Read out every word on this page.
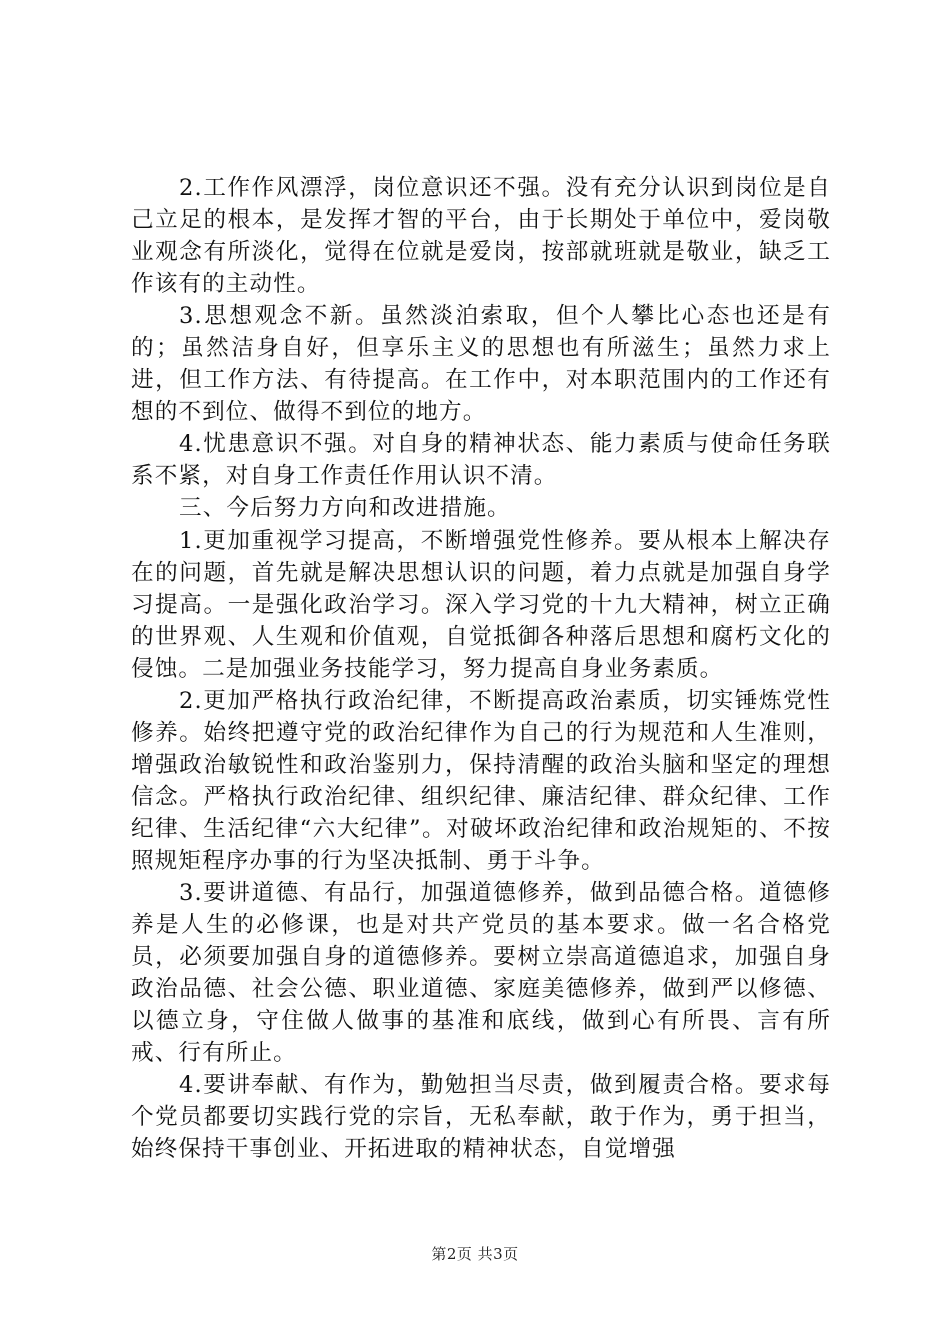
2.工作作风漂浮，岗位意识还不强。没有充分认识到岗位是自己立足的根本，是发挥才智的平台，由于长期处于单位中，爱岗敬业观念有所淡化，觉得在位就是爱岗，按部就班就是敬业，缺乏工作该有的主动性。

3.思想观念不新。虽然淡泊索取，但个人攀比心态也还是有的；虽然洁身自好，但享乐主义的思想也有所滋生；虽然力求上进，但工作方法、有待提高。在工作中，对本职范围内的工作还有想的不到位、做得不到位的地方。

4.忧患意识不强。对自身的精神状态、能力素质与使命任务联系不紧，对自身工作责任作用认识不清。

三、今后努力方向和改进措施。

1.更加重视学习提高，不断增强党性修养。要从根本上解决存在的问题，首先就是解决思想认识的问题，着力点就是加强自身学习提高。一是强化政治学习。深入学习党的十九大精神，树立正确的世界观、人生观和价值观，自觉抵御各种落后思想和腐朽文化的侵蚀。二是加强业务技能学习，努力提高自身业务素质。

2.更加严格执行政治纪律，不断提高政治素质，切实锤炼党性修养。始终把遵守党的政治纪律作为自己的行为规范和人生准则，增强政治敏锐性和政治鉴别力，保持清醒的政治头脑和坚定的理想信念。严格执行政治纪律、组织纪律、廉洁纪律、群众纪律、工作纪律、生活纪律“六大纪律”。对破坏政治纪律和政治规矩的、不按照规矩程序办事的行为坚决抵制、勇于斗争。

3.要讲道德、有品行，加强道德修养，做到品德合格。道德修养是人生的必修课，也是对共产党员的基本要求。做一名合格党员，必须要加强自身的道德修养。要树立崇高道德追求，加强自身政治品德、社会公德、职业道德、家庭美德修养，做到严以修德、以德立身，守住做人做事的基准和底线，做到心有所畏、言有所戒、行有所止。

4.要讲奉献、有作为，勤勉担当尽责，做到履责合格。要求每个党员都要切实践行党的宗旨，无私奉献，敢于作为，勇于担当，始终保持干事创业、开拓进取的精神状态，自觉增强

第2页 共3页
